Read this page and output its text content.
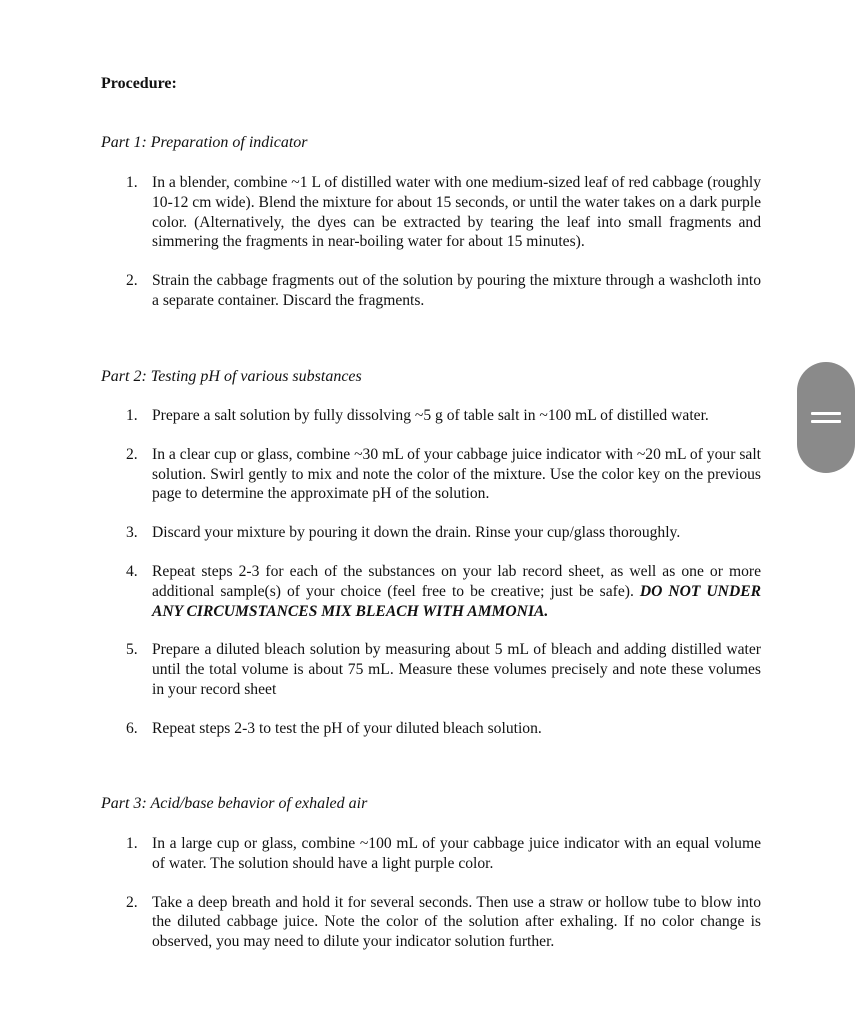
Procedure:
Part 1: Preparation of indicator
1. In a blender, combine ~1 L of distilled water with one medium-sized leaf of red cabbage (roughly 10-12 cm wide). Blend the mixture for about 15 seconds, or until the water takes on a dark purple color. (Alternatively, the dyes can be extracted by tearing the leaf into small fragments and simmering the fragments in near-boiling water for about 15 minutes).
2. Strain the cabbage fragments out of the solution by pouring the mixture through a washcloth into a separate container. Discard the fragments.
Part 2: Testing pH of various substances
1. Prepare a salt solution by fully dissolving ~5 g of table salt in ~100 mL of distilled water.
2. In a clear cup or glass, combine ~30 mL of your cabbage juice indicator with ~20 mL of your salt solution. Swirl gently to mix and note the color of the mixture. Use the color key on the previous page to determine the approximate pH of the solution.
3. Discard your mixture by pouring it down the drain. Rinse your cup/glass thoroughly.
4. Repeat steps 2-3 for each of the substances on your lab record sheet, as well as one or more additional sample(s) of your choice (feel free to be creative; just be safe). DO NOT UNDER ANY CIRCUMSTANCES MIX BLEACH WITH AMMONIA.
5. Prepare a diluted bleach solution by measuring about 5 mL of bleach and adding distilled water until the total volume is about 75 mL. Measure these volumes precisely and note these volumes in your record sheet
6. Repeat steps 2-3 to test the pH of your diluted bleach solution.
Part 3: Acid/base behavior of exhaled air
1. In a large cup or glass, combine ~100 mL of your cabbage juice indicator with an equal volume of water. The solution should have a light purple color.
2. Take a deep breath and hold it for several seconds. Then use a straw or hollow tube to blow into the diluted cabbage juice. Note the color of the solution after exhaling. If no color change is observed, you may need to dilute your indicator solution further.
